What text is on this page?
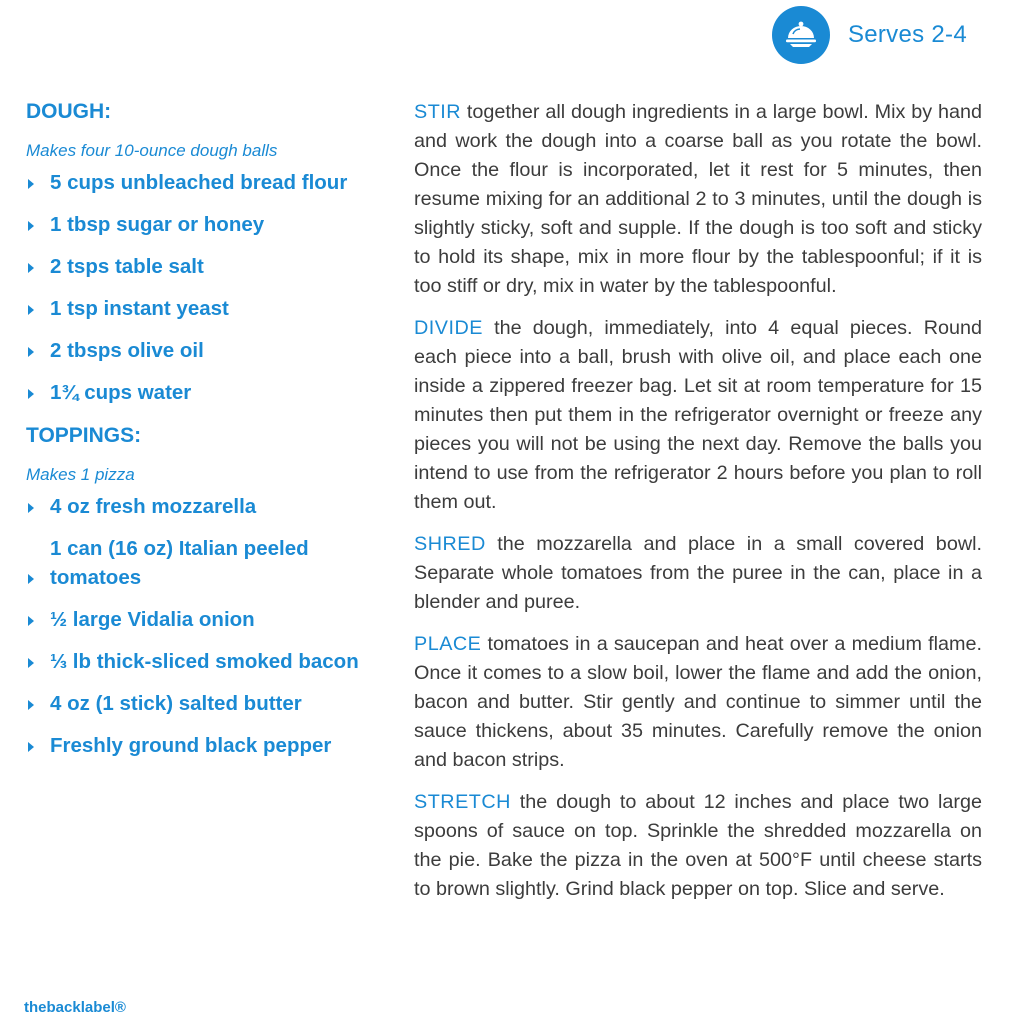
Serves 2-4
DOUGH:

Makes four 10-ounce dough balls

5 cups unbleached bread flour
1 tbsp sugar or honey
2 tsps table salt
1 tsp instant yeast
2 tbsps olive oil
1¾ cups water
TOPPINGS:

Makes 1 pizza

4 oz fresh mozzarella
1 can (16 oz) Italian peeled tomatoes
½ large Vidalia onion
⅓ lb thick-sliced smoked bacon
4 oz (1 stick) salted butter
Freshly ground black pepper

STIR together all dough ingredients in a large bowl. Mix by hand and work the dough into a coarse ball as you rotate the bowl. Once the flour is incorporated, let it rest for 5 minutes, then resume mixing for an additional 2 to 3 minutes, until the dough is slightly sticky, soft and supple. If the dough is too soft and sticky to hold its shape, mix in more flour by the tablespoonful; if it is too stiff or dry, mix in water by the tablespoonful.

DIVIDE the dough, immediately, into 4 equal pieces. Round each piece into a ball, brush with olive oil, and place each one inside a zippered freezer bag. Let sit at room temperature for 15 minutes then put them in the refrigerator overnight or freeze any pieces you will not be using the next day. Remove the balls you intend to use from the refrigerator 2 hours before you plan to roll them out.

SHRED the mozzarella and place in a small covered bowl. Separate whole tomatoes from the puree in the can, place in a blender and puree.

PLACE tomatoes in a saucepan and heat over a medium flame. Once it comes to a slow boil, lower the flame and add the onion, bacon and butter. Stir gently and continue to simmer until the sauce thickens, about 35 minutes. Carefully remove the onion and bacon strips.

STRETCH the dough to about 12 inches and place two large spoons of sauce on top. Sprinkle the shredded mozzarella on the pie. Bake the pizza in the oven at 500°F until cheese starts to brown slightly. Grind black pepper on top. Slice and serve.

thebacklabel®
